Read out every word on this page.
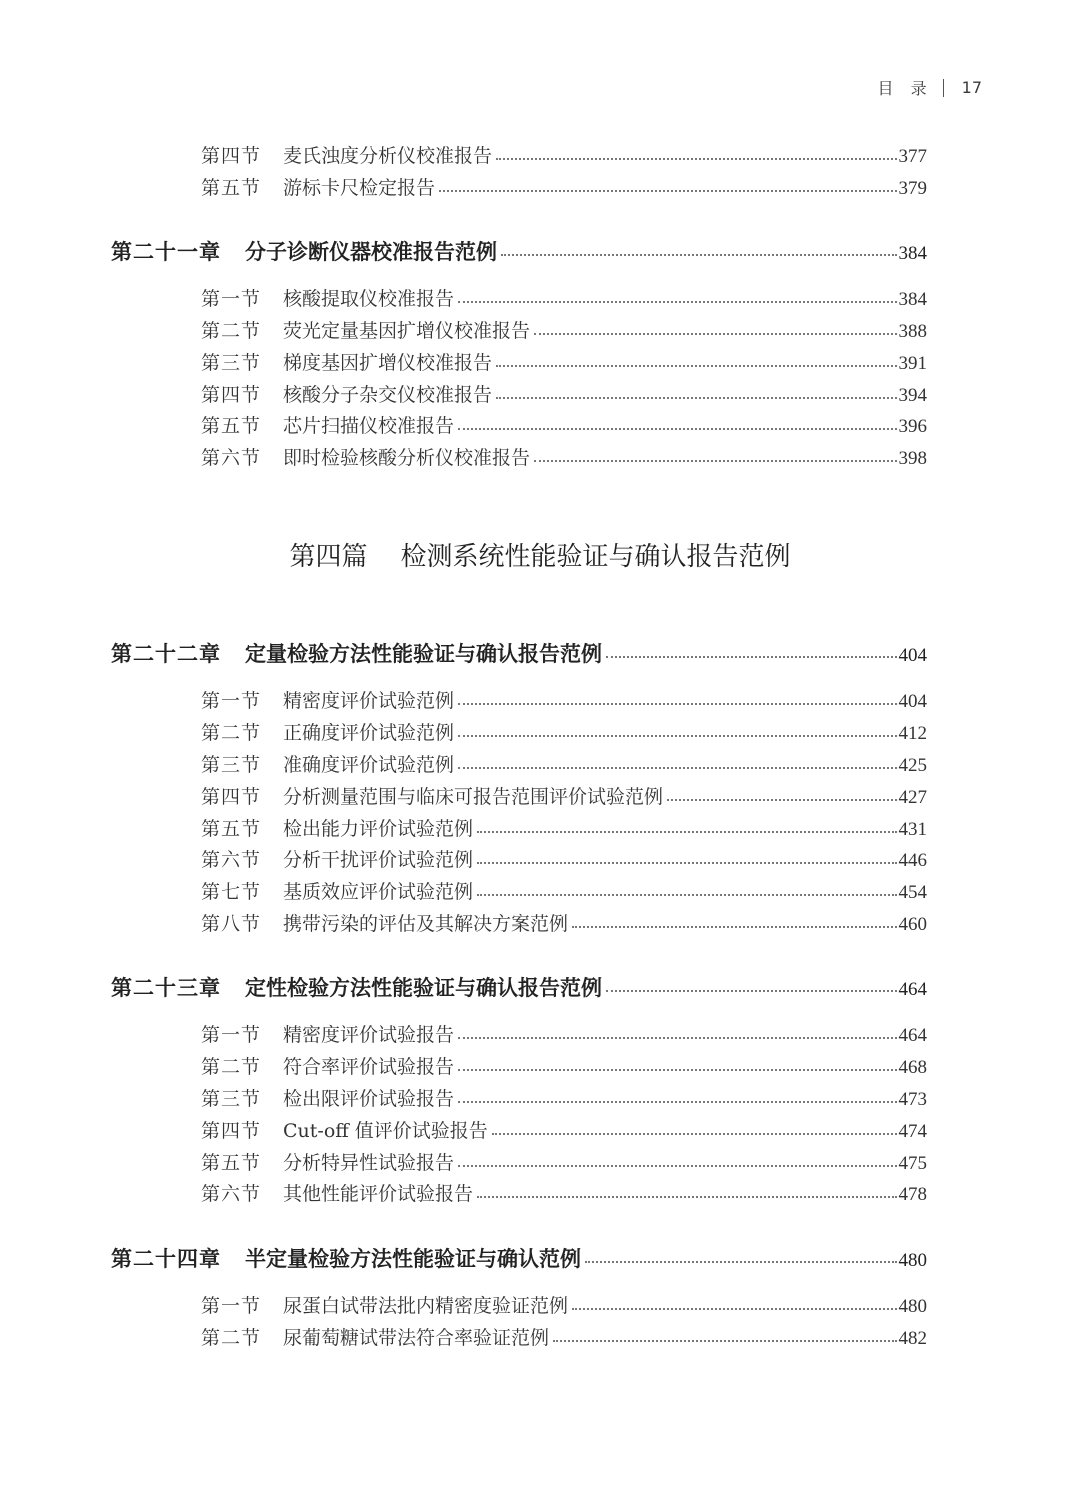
目 录 17
第四篇    检测系统性能验证与确认报告范例
第四节	麦氏浊度分析仪校准报告	377
第五节	游标卡尺检定报告	379
第二十一章	分子诊断仪器校准报告范例	384
第一节	核酸提取仪校准报告	384
第二节	荧光定量基因扩增仪校准报告	388
第三节	梯度基因扩增仪校准报告	391
第四节	核酸分子杂交仪校准报告	394
第五节	芯片扫描仪校准报告	396
第六节	即时检验核酸分析仪校准报告	398
第二十二章	定量检验方法性能验证与确认报告范例	404
第一节	精密度评价试验范例	404
第二节	正确度评价试验范例	412
第三节	准确度评价试验范例	425
第四节	分析测量范围与临床可报告范围评价试验范例	427
第五节	检出能力评价试验范例	431
第六节	分析干扰评价试验范例	446
第七节	基质效应评价试验范例	454
第八节	携带污染的评估及其解决方案范例	460
第二十三章	定性检验方法性能验证与确认报告范例	464
第一节	精密度评价试验报告	464
第二节	符合率评价试验报告	468
第三节	检出限评价试验报告	473
第四节	Cut-off 值评价试验报告	474
第五节	分析特异性试验报告	475
第六节	其他性能评价试验报告	478
第二十四章	半定量检验方法性能验证与确认范例	480
第一节	尿蛋白试带法批内精密度验证范例	480
第二节	尿葡萄糖试带法符合率验证范例	482
